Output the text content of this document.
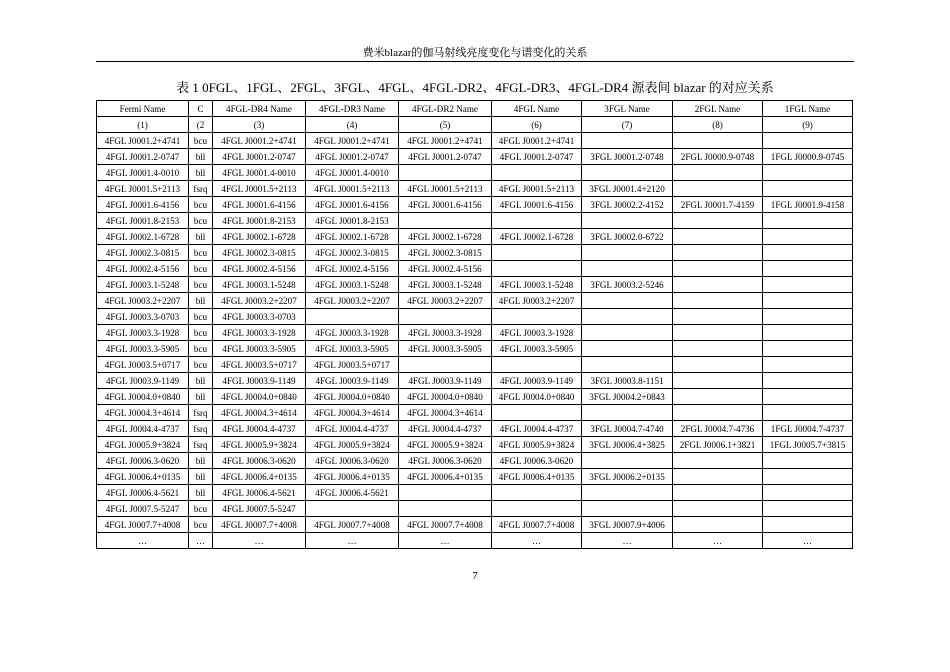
费米blazar的伽马射线亮度变化与谱变化的关系
表 1 0FGL、1FGL、2FGL、3FGL、4FGL、4FGL-DR2、4FGL-DR3、4FGL-DR4 源表间 blazar 的对应关系
Fermi Name	C	4FGL-DR4 Name	4FGL-DR3 Name	4FGL-DR2 Name	4FGL Name	3FGL Name	2FGL Name	1FGL Name
(1)	(2	(3)	(4)	(5)	(6)	(7)	(8)	(9)
4FGL J0001.2+4741	bcu	4FGL J0001.2+4741	4FGL J0001.2+4741	4FGL J0001.2+4741	4FGL J0001.2+4741			
4FGL J0001.2-0747	bll	4FGL J0001.2-0747	4FGL J0001.2-0747	4FGL J0001.2-0747	4FGL J0001.2-0747	3FGL J0001.2-0748	2FGL J0000.9-0748	1FGL J0000.9-0745
4FGL J0001.4-0010	bll	4FGL J0001.4-0010	4FGL J0001.4-0010					
4FGL J0001.5+2113	fsrq	4FGL J0001.5+2113	4FGL J0001.5+2113	4FGL J0001.5+2113	4FGL J0001.5+2113	3FGL J0001.4+2120		
4FGL J0001.6-4156	bcu	4FGL J0001.6-4156	4FGL J0001.6-4156	4FGL J0001.6-4156	4FGL J0001.6-4156	3FGL J0002.2-4152	2FGL J0001.7-4159	1FGL J0001.9-4158
4FGL J0001.8-2153	bcu	4FGL J0001.8-2153	4FGL J0001.8-2153					
4FGL J0002.1-6728	bll	4FGL J0002.1-6728	4FGL J0002.1-6728	4FGL J0002.1-6728	4FGL J0002.1-6728	3FGL J0002.0-6722		
4FGL J0002.3-0815	bcu	4FGL J0002.3-0815	4FGL J0002.3-0815	4FGL J0002.3-0815				
4FGL J0002.4-5156	bcu	4FGL J0002.4-5156	4FGL J0002.4-5156	4FGL J0002.4-5156				
4FGL J0003.1-5248	bcu	4FGL J0003.1-5248	4FGL J0003.1-5248	4FGL J0003.1-5248	4FGL J0003.1-5248	3FGL J0003.2-5246		
4FGL J0003.2+2207	bll	4FGL J0003.2+2207	4FGL J0003.2+2207	4FGL J0003.2+2207	4FGL J0003.2+2207			
4FGL J0003.3-0703	bcu	4FGL J0003.3-0703						
4FGL J0003.3-1928	bcu	4FGL J0003.3-1928	4FGL J0003.3-1928	4FGL J0003.3-1928	4FGL J0003.3-1928			
4FGL J0003.3-5905	bcu	4FGL J0003.3-5905	4FGL J0003.3-5905	4FGL J0003.3-5905	4FGL J0003.3-5905			
4FGL J0003.5+0717	bcu	4FGL J0003.5+0717	4FGL J0003.5+0717					
4FGL J0003.9-1149	bll	4FGL J0003.9-1149	4FGL J0003.9-1149	4FGL J0003.9-1149	4FGL J0003.9-1149	3FGL J0003.8-1151		
4FGL J0004.0+0840	bll	4FGL J0004.0+0840	4FGL J0004.0+0840	4FGL J0004.0+0840	4FGL J0004.0+0840	3FGL J0004.2+0843		
4FGL J0004.3+4614	fsrq	4FGL J0004.3+4614	4FGL J0004.3+4614	4FGL J0004.3+4614				
4FGL J0004.4-4737	fsrq	4FGL J0004.4-4737	4FGL J0004.4-4737	4FGL J0004.4-4737	4FGL J0004.4-4737	3FGL J0004.7-4740	2FGL J0004.7-4736	1FGL J0004.7-4737
4FGL J0005.9+3824	fsrq	4FGL J0005.9+3824	4FGL J0005.9+3824	4FGL J0005.9+3824	4FGL J0005.9+3824	3FGL J0006.4+3825	2FGL J0006.1+3821	1FGL J0005.7+3815
4FGL J0006.3-0620	bll	4FGL J0006.3-0620	4FGL J0006.3-0620	4FGL J0006.3-0620	4FGL J0006.3-0620			
4FGL J0006.4+0135	bll	4FGL J0006.4+0135	4FGL J0006.4+0135	4FGL J0006.4+0135	4FGL J0006.4+0135	3FGL J0006.2+0135		
4FGL J0006.4-5621	bll	4FGL J0006.4-5621	4FGL J0006.4-5621					
4FGL J0007.5-5247	bcu	4FGL J0007.5-5247						
4FGL J0007.7+4008	bcu	4FGL J0007.7+4008	4FGL J0007.7+4008	4FGL J0007.7+4008	4FGL J0007.7+4008	3FGL J0007.9+4006		
…	…	…	…	…	…	…	…	…
7
